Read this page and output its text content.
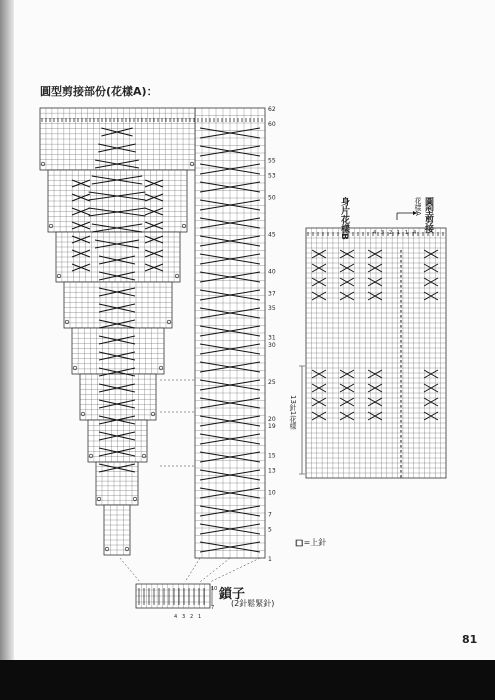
圓型剪接部份(花樣A)：
62
60
55
53
50
45
40
37
35
31
30
25
20
19
15
13
10
7
5
1
10
7
4 3 2 1
4 3 2 1 1 4
鎖子
(2針鬆緊針)
花樣A 圓型剪接
身片花樣B
13針1花樣
□=上針
81
